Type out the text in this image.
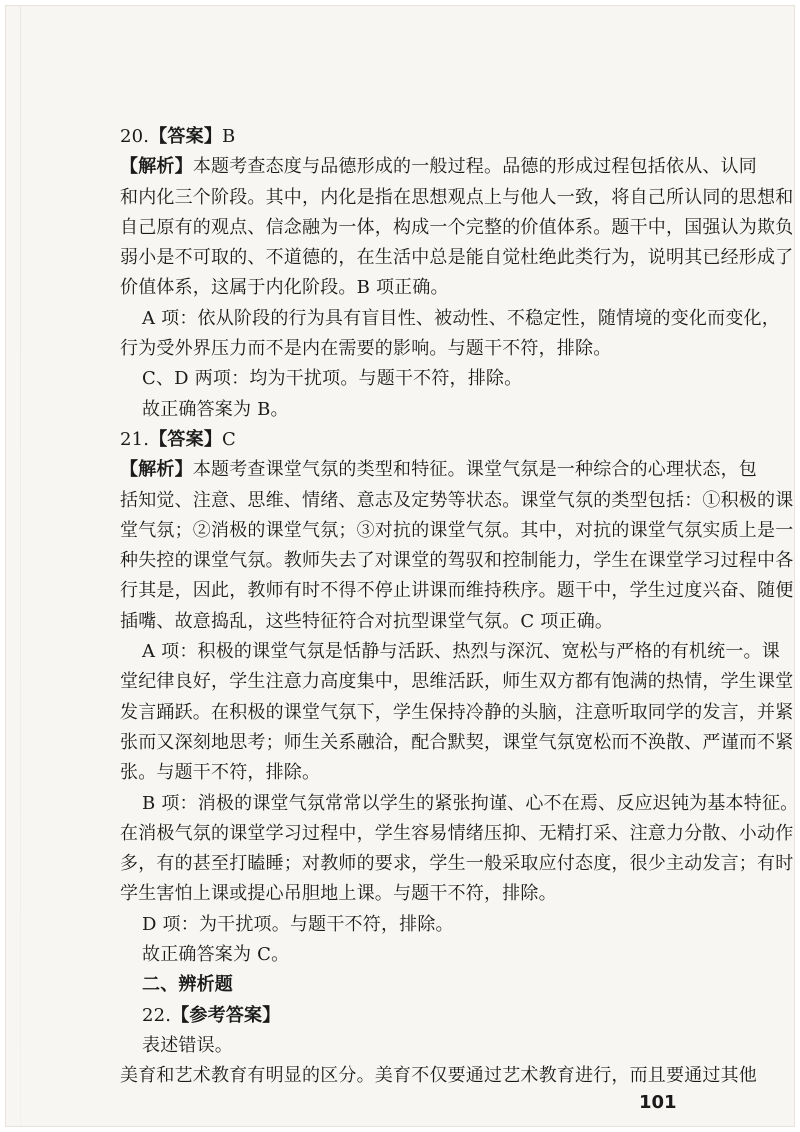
20.【答案】B
【解析】本题考查态度与品德形成的一般过程。品德的形成过程包括依从、认同
和内化三个阶段。其中，内化是指在思想观点上与他人一致，将自己所认同的思想和
自己原有的观点、信念融为一体，构成一个完整的价值体系。题干中，国强认为欺负
弱小是不可取的、不道德的，在生活中总是能自觉杜绝此类行为，说明其已经形成了
价值体系，这属于内化阶段。B 项正确。
A 项：依从阶段的行为具有盲目性、被动性、不稳定性，随情境的变化而变化，
行为受外界压力而不是内在需要的影响。与题干不符，排除。
C、D 两项：均为干扰项。与题干不符，排除。
故正确答案为 B。
21.【答案】C
【解析】本题考查课堂气氛的类型和特征。课堂气氛是一种综合的心理状态，包
括知觉、注意、思维、情绪、意志及定势等状态。课堂气氛的类型包括：①积极的课
堂气氛；②消极的课堂气氛；③对抗的课堂气氛。其中，对抗的课堂气氛实质上是一
种失控的课堂气氛。教师失去了对课堂的驾驭和控制能力，学生在课堂学习过程中各
行其是，因此，教师有时不得不停止讲课而维持秩序。题干中，学生过度兴奋、随便
插嘴、故意捣乱，这些特征符合对抗型课堂气氛。C 项正确。
A 项：积极的课堂气氛是恬静与活跃、热烈与深沉、宽松与严格的有机统一。课
堂纪律良好，学生注意力高度集中，思维活跃，师生双方都有饱满的热情，学生课堂
发言踊跃。在积极的课堂气氛下，学生保持冷静的头脑，注意听取同学的发言，并紧
张而又深刻地思考；师生关系融洽，配合默契，课堂气氛宽松而不涣散、严谨而不紧
张。与题干不符，排除。
B 项：消极的课堂气氛常常以学生的紧张拘谨、心不在焉、反应迟钝为基本特征。
在消极气氛的课堂学习过程中，学生容易情绪压抑、无精打采、注意力分散、小动作
多，有的甚至打瞌睡；对教师的要求，学生一般采取应付态度，很少主动发言；有时
学生害怕上课或提心吊胆地上课。与题干不符，排除。
D 项：为干扰项。与题干不符，排除。
故正确答案为 C。
二、辨析题
22.【参考答案】
表述错误。
美育和艺术教育有明显的区分。美育不仅要通过艺术教育进行，而且要通过其他
101
